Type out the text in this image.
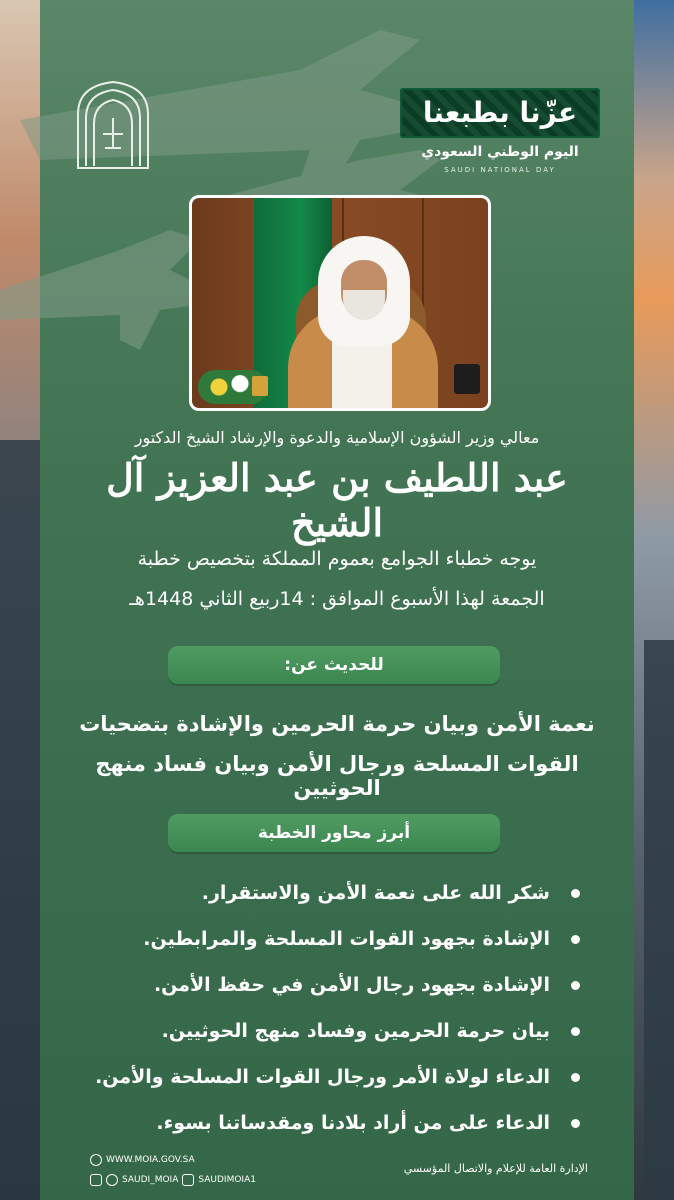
عزّنا بطبعنا
اليوم الوطني السعودي
SAUDI NATIONAL DAY
معالي وزير الشؤون الإسلامية والدعوة والإرشاد الشيخ الدكتور
عبد اللطيف بن عبد العزيز آل الشيخ
يوجه خطباء الجوامع بعموم المملكة بتخصيص خطبة
الجمعة لهذا الأسبوع الموافق : 14ربيع الثاني 1448هـ
للحديث عن:
نعمة الأمن وبيان حرمة الحرمين والإشادة بتضحيات
القوات المسلحة ورجال الأمن وبيان فساد منهج الحوثيين
أبرز محاور الخطبة
شكر الله على نعمة الأمن والاستقرار.
الإشادة بجهود القوات المسلحة والمرابطين.
الإشادة بجهود رجال الأمن في حفظ الأمن.
بيان حرمة الحرمين وفساد منهج الحوثيين.
الدعاء لولاة الأمر ورجال القوات المسلحة والأمن.
الدعاء على من أراد بلادنا ومقدساتنا بسوء.
WWW.MOIA.GOV.SA
SAUDI_MOIA SAUDIMOIA1
الإدارة العامة للإعلام والاتصال المؤسسي
